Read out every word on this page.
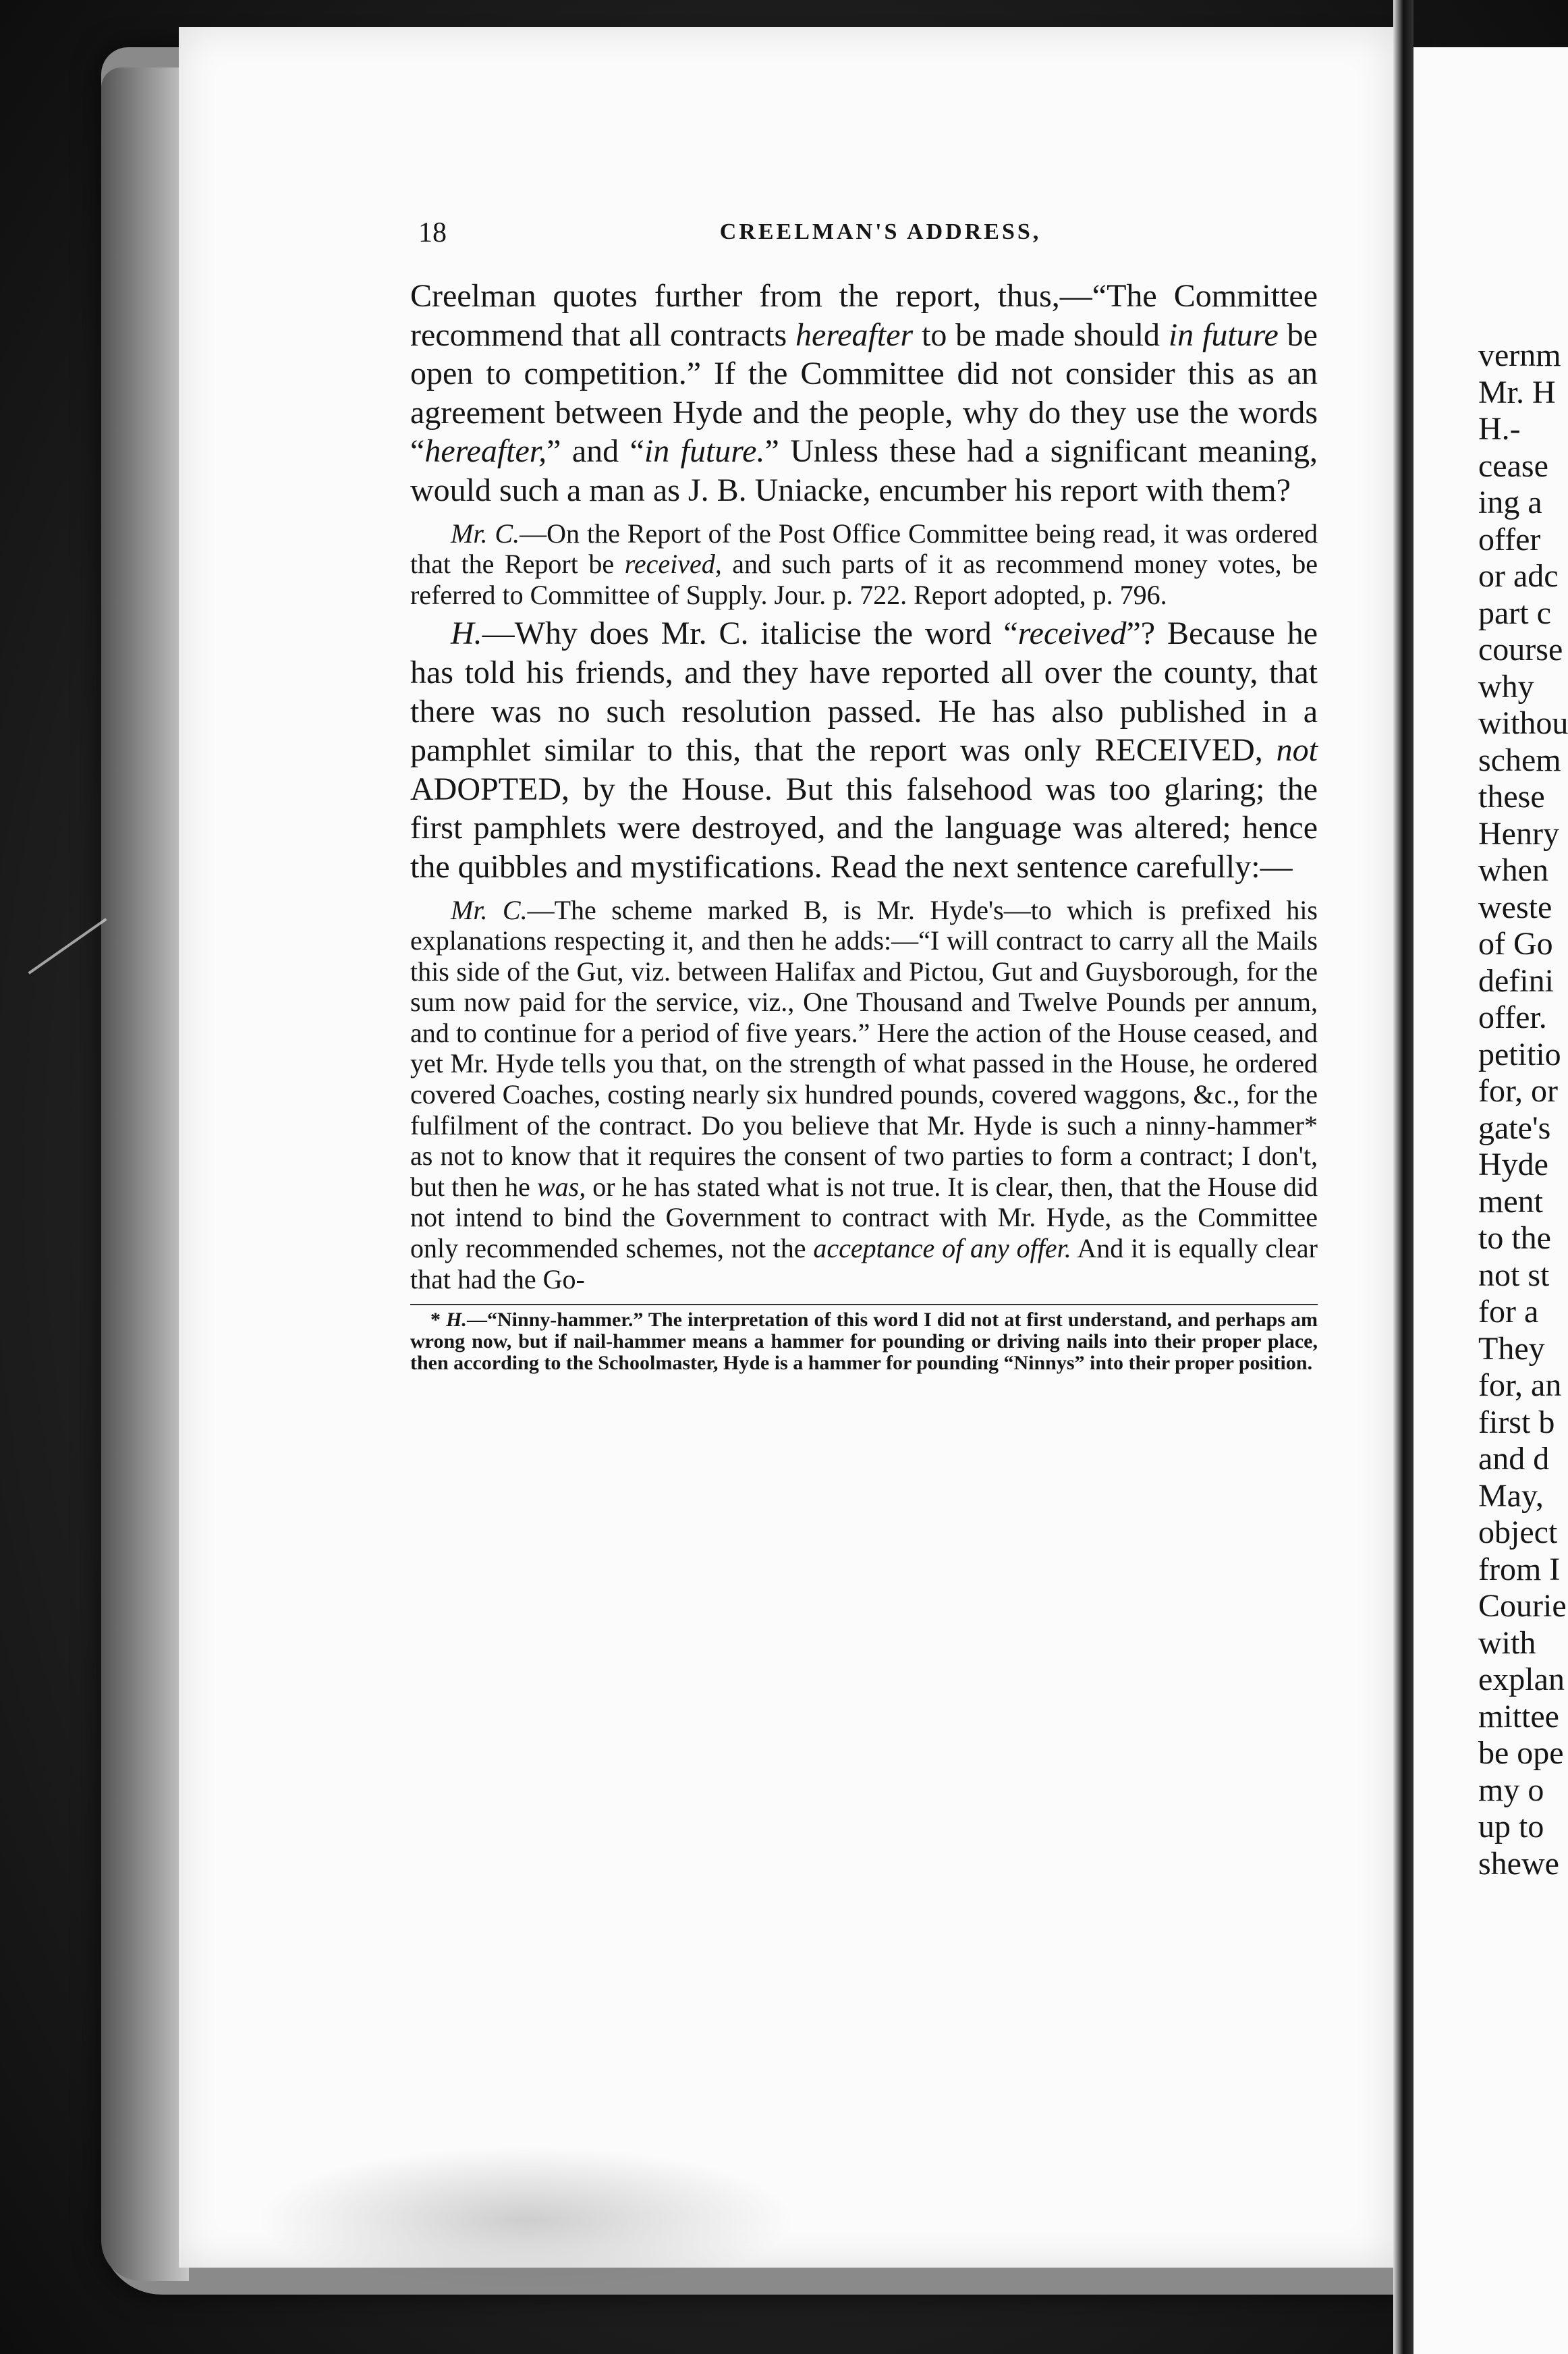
18	CREELMAN'S ADDRESS,

Creelman quotes further from the report, thus,—“The Committee recommend that all contracts hereafter to be made should in future be open to competition.” If the Committee did not consider this as an agreement between Hyde and the people, why do they use the words “hereafter,” and “in future.” Unless these had a significant meaning, would such a man as J. B. Uniacke, encumber his report with them?

Mr. C.—On the Report of the Post Office Committee being read, it was ordered that the Report be received, and such parts of it as recommend money votes, be referred to Committee of Supply. Jour. p. 722. Report adopted, p. 796.

H.—Why does Mr. C. italicise the word “received”? Because he has told his friends, and they have reported all over the county, that there was no such resolution passed. He has also published in a pamphlet similar to this, that the report was only RECEIVED, not ADOPTED, by the House. But this falsehood was too glaring; the first pamphlets were destroyed, and the language was altered; hence the quibbles and mystifications. Read the next sentence carefully:—

Mr. C.—The scheme marked B, is Mr. Hyde's—to which is prefixed his explanations respecting it, and then he adds:—“I will contract to carry all the Mails this side of the Gut, viz. between Halifax and Pictou, Gut and Guysborough, for the sum now paid for the service, viz., One Thousand and Twelve Pounds per annum, and to continue for a period of five years.” Here the action of the House ceased, and yet Mr. Hyde tells you that, on the strength of what passed in the House, he ordered covered Coaches, costing nearly six hundred pounds, covered waggons, &c., for the fulfilment of the contract. Do you believe that Mr. Hyde is such a ninny-hammer* as not to know that it requires the consent of two parties to form a contract; I don't, but then he was, or he has stated what is not true. It is clear, then, that the House did not intend to bind the Government to contract with Mr. Hyde, as the Committee only recommended schemes, not the acceptance of any offer. And it is equally clear that had the Go-

* H.—“Ninny-hammer.” The interpretation of this word I did not at first understand, and perhaps am wrong now, but if nail-hammer means a hammer for pounding or driving nails into their proper place, then according to the Schoolmaster, Hyde is a hammer for pounding “Ninnys” into their proper position.

vernm
Mr. H
H.-
cease
ing a
offer
or adc
part c
course
why
withou
schem
these
Henry
when
weste
of Go
defini
offer.
petitio
for, or
gate's
Hyde
ment
to the
not st
for a
They
for, an
first b
and d
May,
object
from I
Courie
with
explan
mittee
be ope
my o
up to
shewe
